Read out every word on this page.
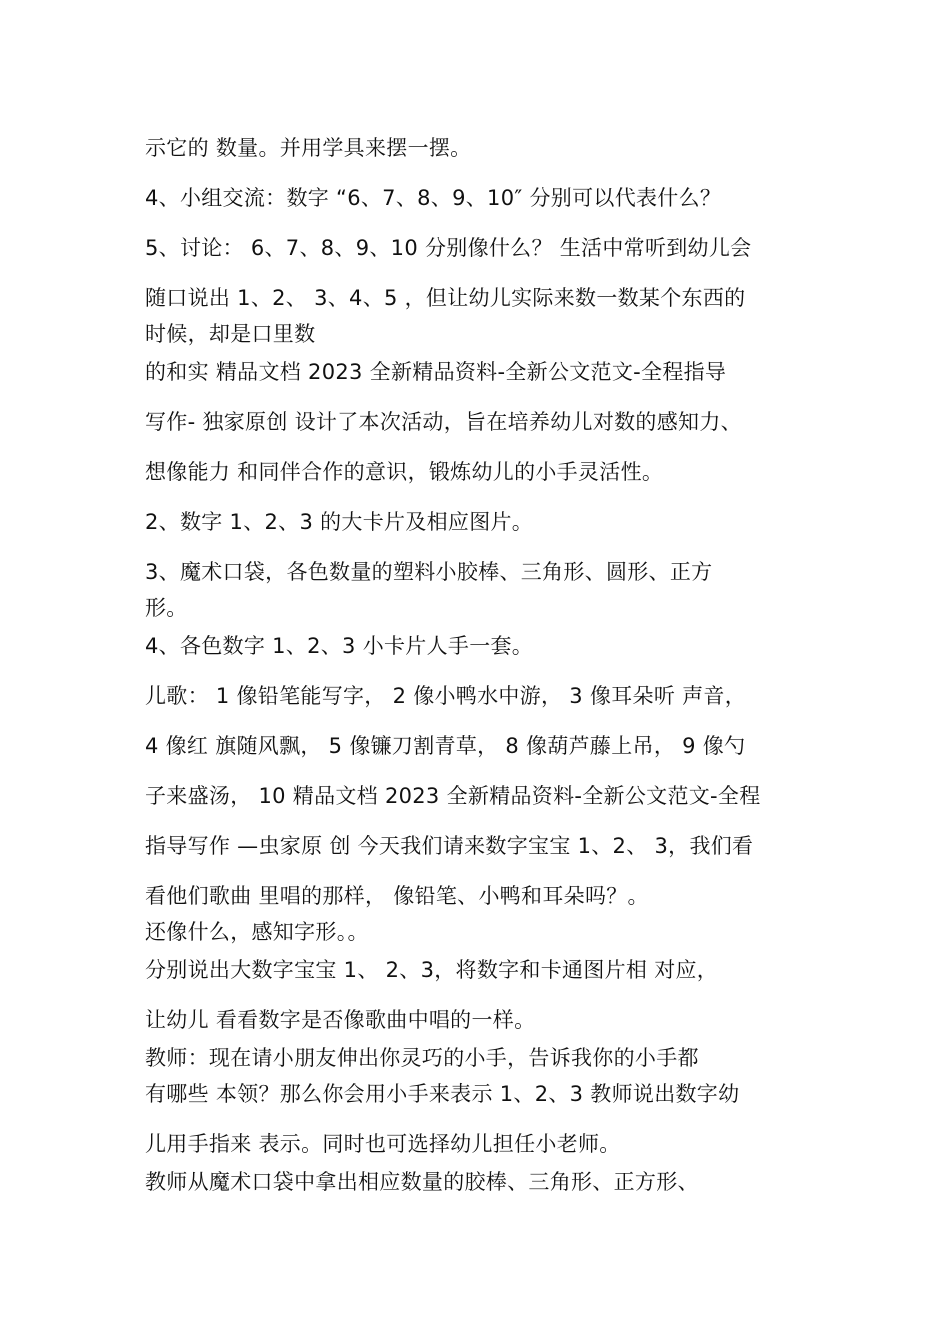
示它的 数量。并用学具来摆一摆。
4、小组交流：数字 “6、7、8、9、10″ 分别可以代表什么？
5、讨论： 6、7、8、9、10 分别像什么？ 生活中常听到幼儿会
随口说出 1、2、 3、4、5 ，但让幼儿实际来数一数某个东西的
时候，却是口里数
的和实 精品文档 2023 全新精品资料-全新公文范文-全程指导
写作- 独家原创 设计了本次活动，旨在培养幼儿对数的感知力、
想像能力 和同伴合作的意识，锻炼幼儿的小手灵活性。
2、数字 1、2、3 的大卡片及相应图片。
3、魔术口袋，各色数量的塑料小胶棒、三角形、圆形、正方
形。
4、各色数字 1、2、3 小卡片人手一套。
儿歌： 1 像铅笔能写字， 2 像小鸭水中游， 3 像耳朵听 声音，
4 像红 旗随风飘， 5 像镰刀割青草， 8 像葫芦藤上吊， 9 像勺
子来盛汤， 10 精品文档 2023 全新精品资料-全新公文范文-全程
指导写作 —虫家原 创 今天我们请来数字宝宝 1、2、 3，我们看
看他们歌曲 里唱的那样， 像铅笔、小鸭和耳朵吗？。
还像什么，感知字形。。
分别说出大数字宝宝 1、 2、3，将数字和卡通图片相 对应，
让幼儿 看看数字是否像歌曲中唱的一样。
教师：现在请小朋友伸出你灵巧的小手，告诉我你的小手都
有哪些 本领？那么你会用小手来表示 1、2、3 教师说出数字幼
儿用手指来 表示。同时也可选择幼儿担任小老师。
教师从魔术口袋中拿出相应数量的胶棒、三角形、正方形、
